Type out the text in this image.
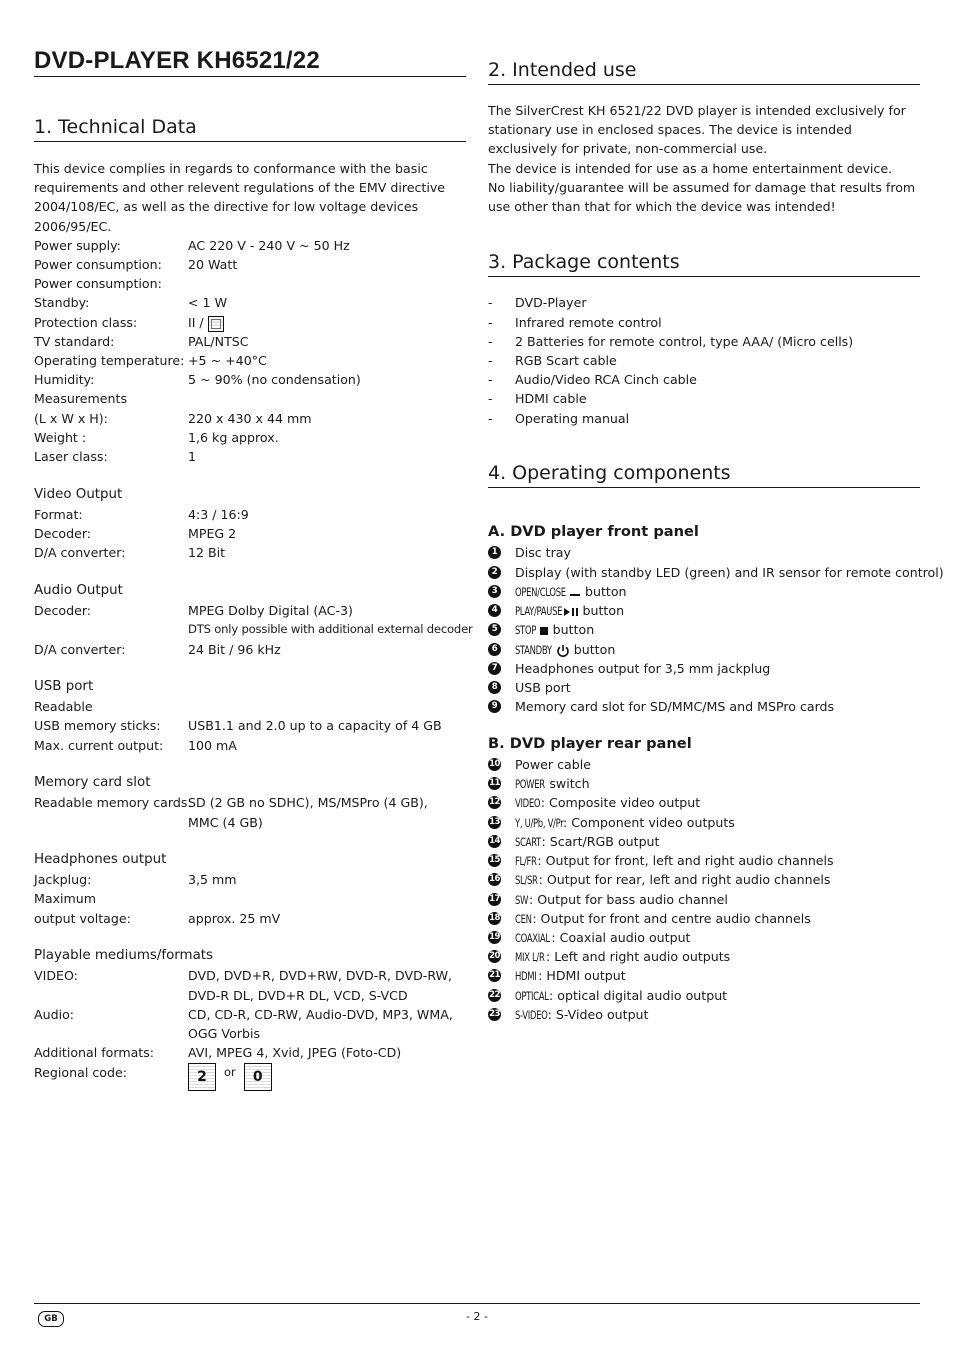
DVD-PLAYER KH6521/22
1. Technical Data

This device complies in regards to conformance with the basic requirements and other relevent regulations of the EMV directive 2004/108/EC, as well as the directive for low voltage devices 2006/95/EC.

Power supply:	AC 220 V - 240 V ~ 50 Hz
Power consumption: 20 Watt
Power consumption:
Standby:	< 1 W
Protection class:	II /
TV standard:	PAL/NTSC
Operating temperature: +5 ~ +40°C
Humidity:	5 ~ 90% (no condensation)
Measurements
(L x W x H):	220 x 430 x 44 mm
Weight :	1,6 kg approx.
Laser class:	1
Video Output
Format:	4:3 / 16:9
Decoder:	MPEG 2
D/A converter:	12 Bit
Audio Output
Decoder:	MPEG Dolby Digital (AC-3)
DTS only possible with additional external decoder
D/A converter:	24 Bit / 96 kHz
USB port
Readable
USB memory sticks: USB1.1 and 2.0 up to a capacity of 4 GB
Max. current output: 100 mA
Memory card slot
Readable memory cards:
SD (2 GB no SDHC), MS/MSPro (4 GB),
MMC (4 GB)
Headphones output
Jackplug:	3,5 mm
Maximum
output voltage:	approx. 25 mV
Playable mediums/formats
VIDEO:	DVD, DVD+R, DVD+RW, DVD-R, DVD-RW,
DVD-R DL, DVD+R DL, VCD, S-VCD
Audio:	CD, CD-R, CD-RW, Audio-DVD, MP3, WMA,
OGG Vorbis
Additional formats:	AVI, MPEG 4, Xvid, JPEG (Foto-CD)
Regional code:	2	or	0
2. Intended use

The SilverCrest KH 6521/22 DVD player is intended exclusively for stationary use in enclosed spaces. The device is intended exclusively for private, non-commercial use.

The device is intended for use as a home entertainment device.

No liability/guarantee will be assumed for damage that results from use other than that for which the device was intended!

3. Package contents
- DVD-Player
- Infrared remote control
- 2 Batteries for remote control, type AAA/ (Micro cells)
- RGB Scart cable
- Audio/Video RCA Cinch cable
- HDMI cable
- Operating manual
4. Operating components
A. DVD player front panel
1	Disc tray
2	Display (with standby LED (green) and IR sensor for remote control)
3	OPEN/CLOSE button
4	PLAY/PAUSE button
5	STOP button
6	STANDBY button
7	Headphones output for 3,5 mm jackplug
8	USB port
9	Memory card slot for SD/MMC/MS and MSPro cards
B. DVD player rear panel
10 Power cable
11 POWER switch
12 VIDEO: Composite video output
13 Y, U/Pb, V/Pr: Component video outputs
14 SCART: Scart/RGB output
15 FL/FR: Output for front, left and right audio channels
16 SL/SR: Output for rear, left and right audio channels
17 SW: Output for bass audio channel
18 CEN: Output for front and centre audio channels
19 COAXIAL : Coaxial audio output
20 MIX L/R: Left and right audio outputs
21 HDMI : HDMI output
22 OPTICAL: optical digital audio output
23 S-VIDEO: S-Video output
GB	- 2 -
